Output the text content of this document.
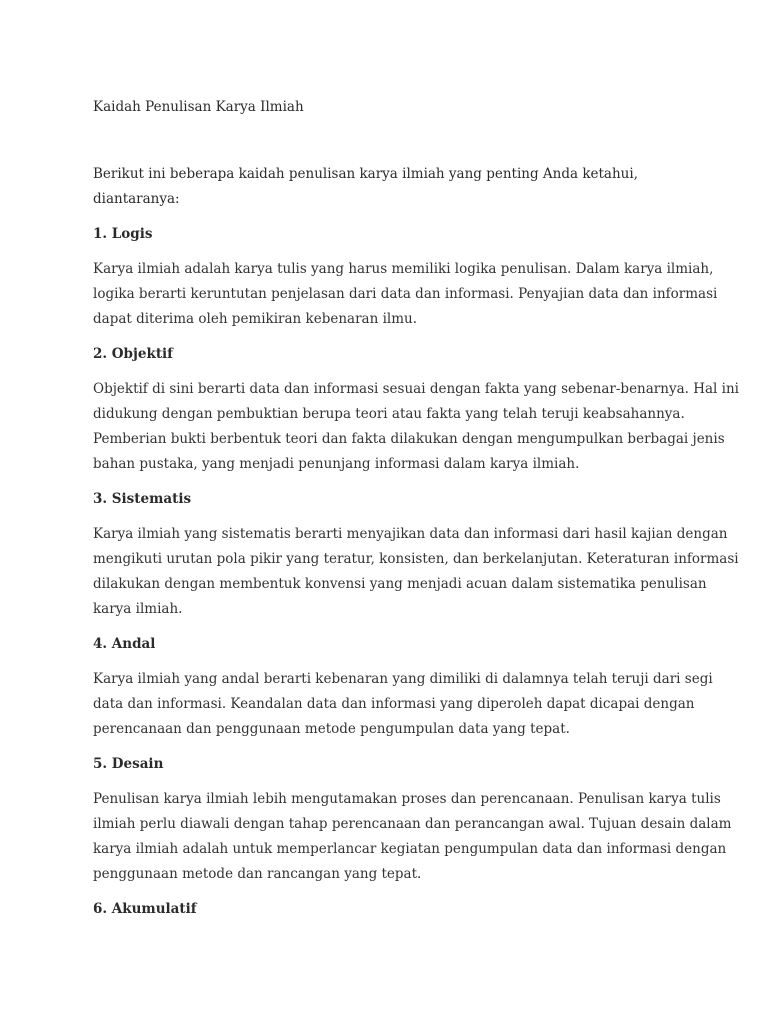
Kaidah Penulisan Karya Ilmiah

Berikut ini beberapa kaidah penulisan karya ilmiah yang penting Anda ketahui, diantaranya:

1. Logis
Karya ilmiah adalah karya tulis yang harus memiliki logika penulisan. Dalam karya ilmiah,
logika berarti keruntutan penjelasan dari data dan informasi. Penyajian data dan informasi
dapat diterima oleh pemikiran kebenaran ilmu.
2. Objektif
Objektif di sini berarti data dan informasi sesuai dengan fakta yang sebenar-benarnya. Hal ini
didukung dengan pembuktian berupa teori atau fakta yang telah teruji keabsahannya.
Pemberian bukti berbentuk teori dan fakta dilakukan dengan mengumpulkan berbagai jenis
bahan pustaka, yang menjadi penunjang informasi dalam karya ilmiah.
3. Sistematis
Karya ilmiah yang sistematis berarti menyajikan data dan informasi dari hasil kajian dengan
mengikuti urutan pola pikir yang teratur, konsisten, dan berkelanjutan. Keteraturan informasi
dilakukan dengan membentuk konvensi yang menjadi acuan dalam sistematika penulisan
karya ilmiah.
4. Andal
Karya ilmiah yang andal berarti kebenaran yang dimiliki di dalamnya telah teruji dari segi
data dan informasi. Keandalan data dan informasi yang diperoleh dapat dicapai dengan
perencanaan dan penggunaan metode pengumpulan data yang tepat.
5. Desain
Penulisan karya ilmiah lebih mengutamakan proses dan perencanaan. Penulisan karya tulis
ilmiah perlu diawali dengan tahap perencanaan dan perancangan awal. Tujuan desain dalam
karya ilmiah adalah untuk memperlancar kegiatan pengumpulan data dan informasi dengan
penggunaan metode dan rancangan yang tepat.
6. Akumulatif
